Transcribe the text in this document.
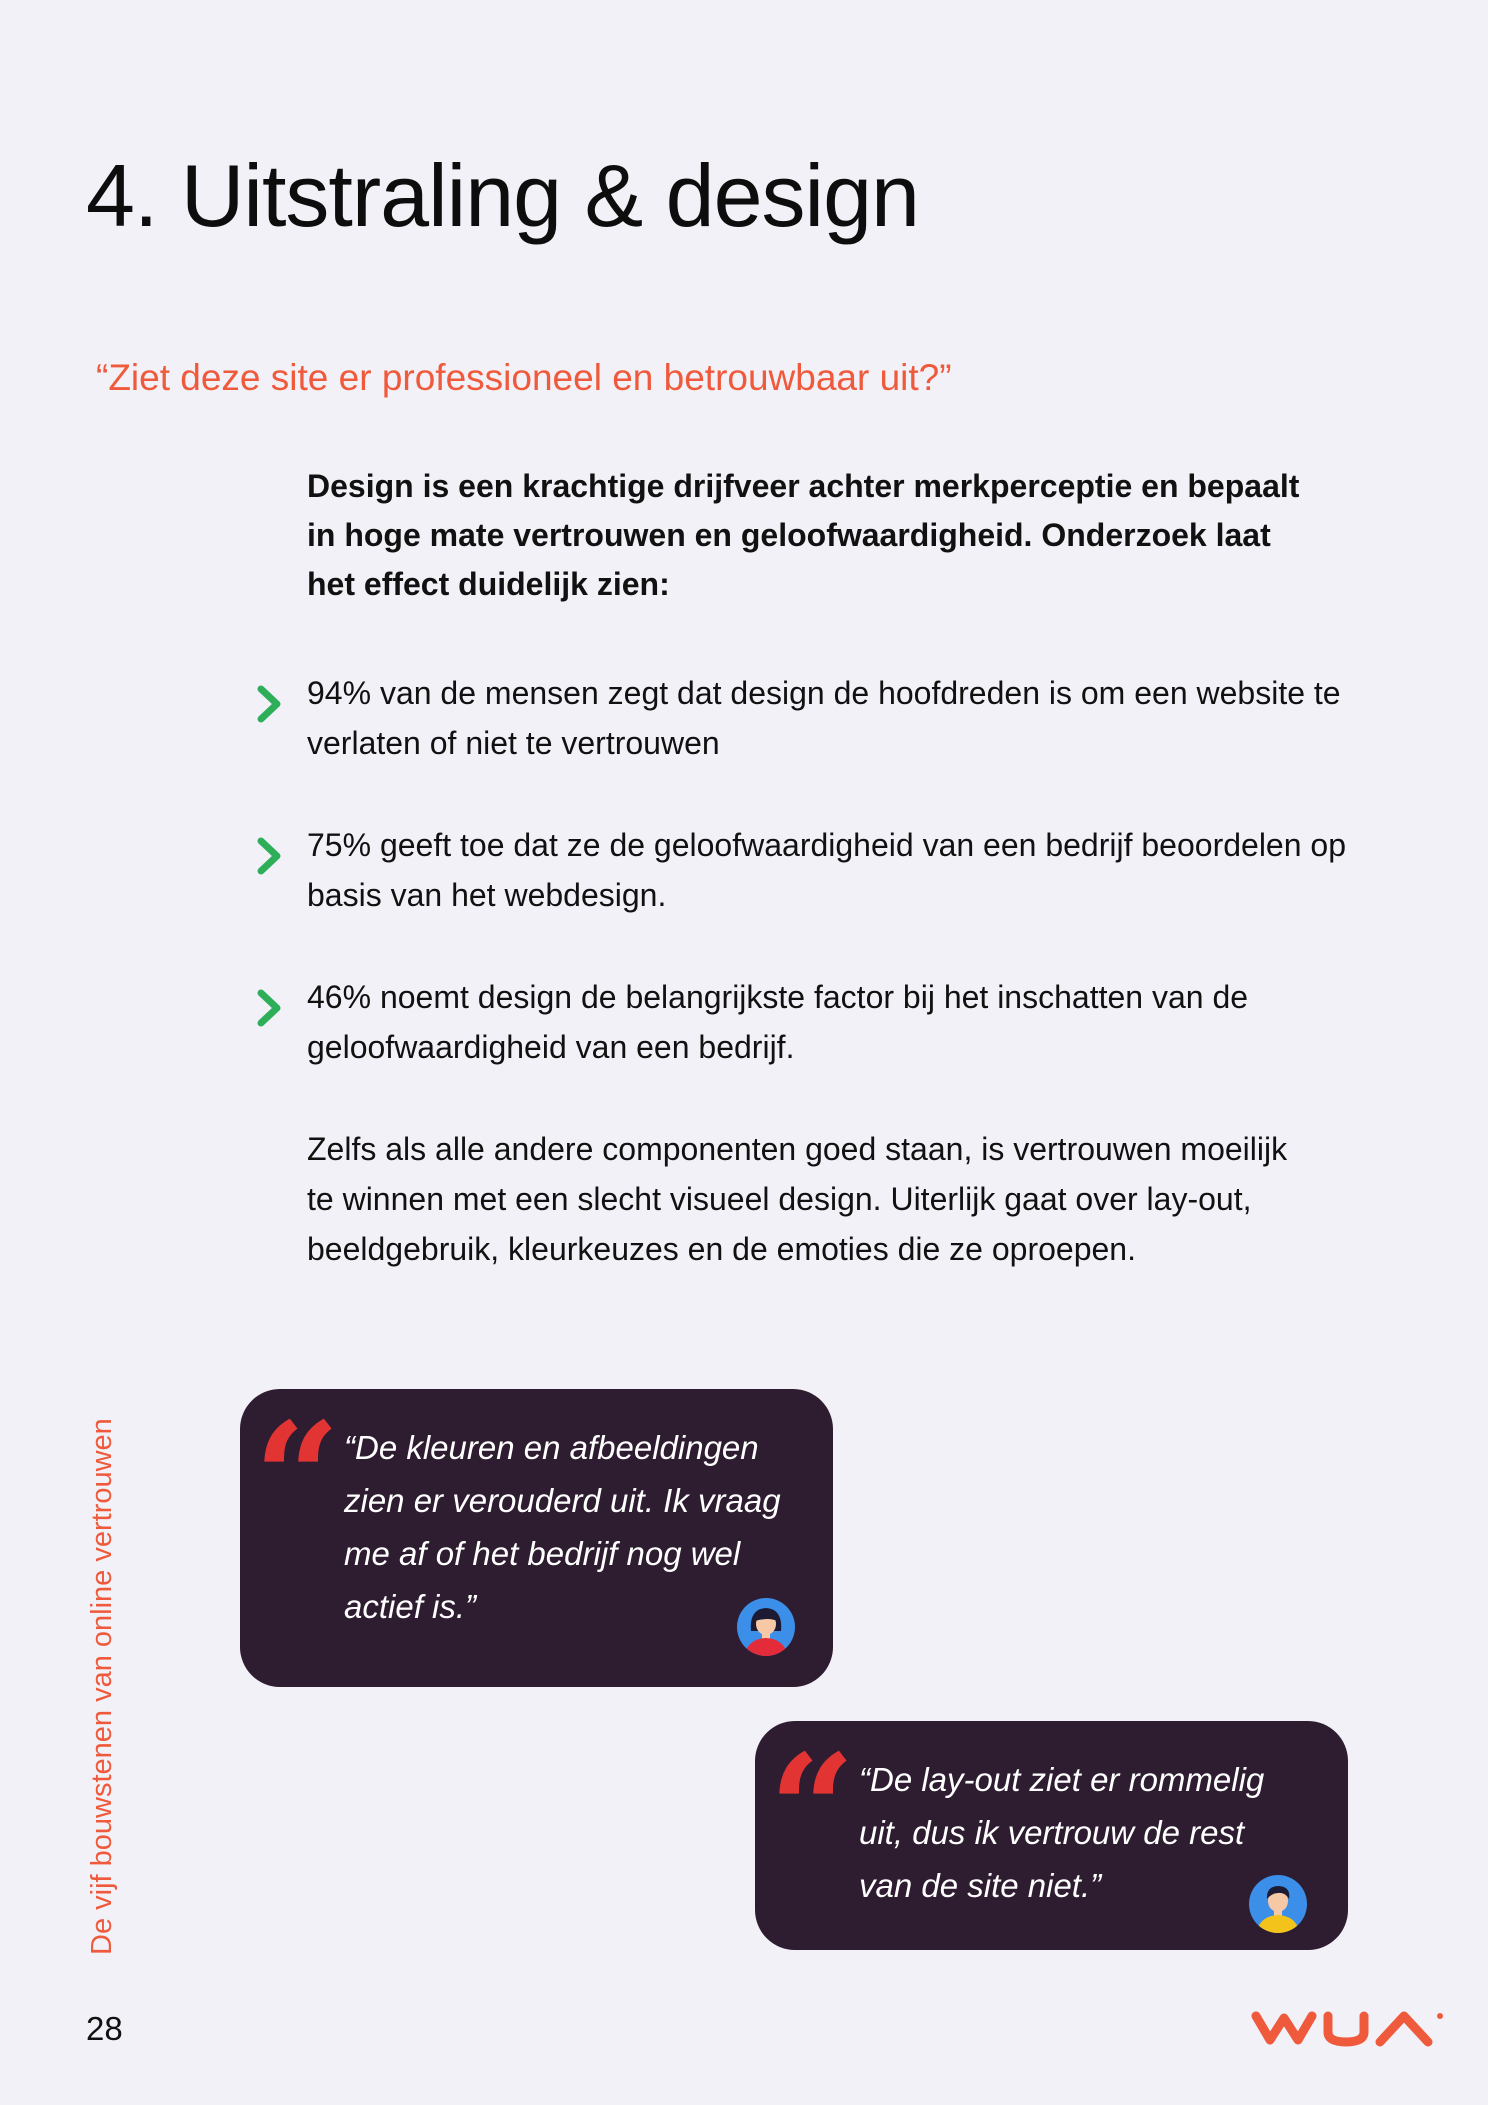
4. Uitstraling & design

“Ziet deze site er professioneel en betrouwbaar uit?”

Design is een krachtige drijfveer achter merkperceptie en bepaalt in hoge mate vertrouwen en geloofwaardigheid. Onderzoek laat het effect duidelijk zien:

94% van de mensen zegt dat design de hoofdreden is om een website te verlaten of niet te vertrouwen
75% geeft toe dat ze de geloofwaardigheid van een bedrijf beoordelen op basis van het webdesign.
46% noemt design de belangrijkste factor bij het inschatten van de geloofwaardigheid van een bedrijf.

Zelfs als alle andere componenten goed staan, is vertrouwen moeilijk te winnen met een slecht visueel design. Uiterlijk gaat over lay-out, beeldgebruik, kleurkeuzes en de emoties die ze oproepen.

De vijf bouwstenen van online vertrouwen “ “De kleuren en afbeeldingen zien er verouderd uit. Ik vraag me af of het bedrijf nog wel actief is.”

“ “De lay-out ziet er rommelig uit, dus ik vertrouw de rest van de site niet.”

28
